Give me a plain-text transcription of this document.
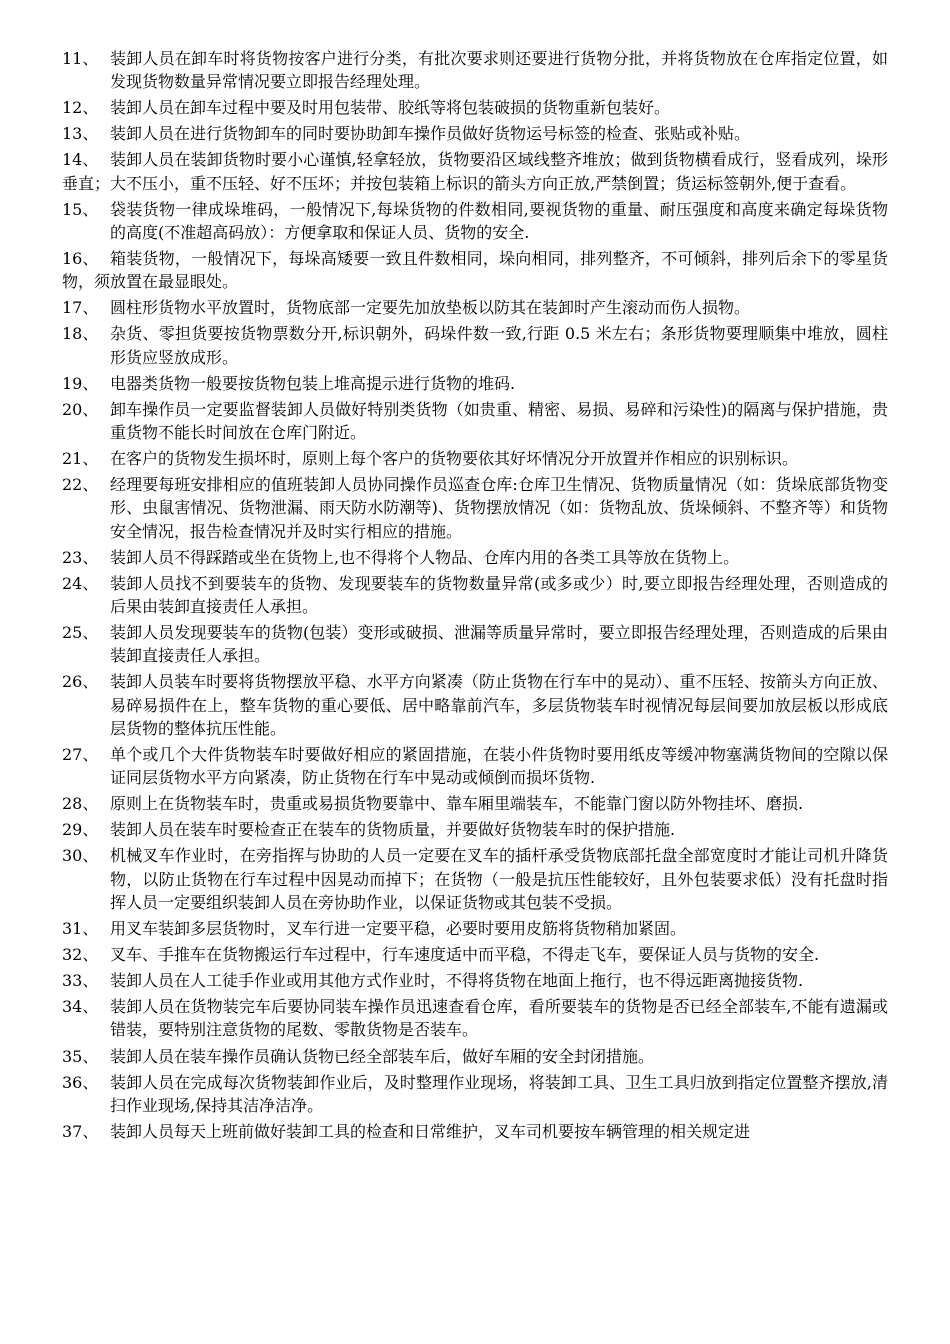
11、 装卸人员在卸车时将货物按客户进行分类，有批次要求则还要进行货物分批，并将货物放在仓库指定位置，如发现货物数量异常情况要立即报告经理处理。
12、 装卸人员在卸车过程中要及时用包装带、胶纸等将包装破损的货物重新包装好。
13、 装卸人员在进行货物卸车的同时要协助卸车操作员做好货物运号标签的检查、张贴或补贴。
14、 装卸人员在装卸货物时要小心谨慎,轻拿轻放，货物要沿区域线整齐堆放；做到货物横看成行，竖看成列，垛形垂直；大不压小，重不压轻、好不压坏；并按包装箱上标识的箭头方向正放,严禁倒置；货运标签朝外,便于查看。
15、 袋装货物一律成垛堆码，一般情况下,每垛货物的件数相同,要视货物的重量、耐压强度和高度来确定每垛货物的高度(不准超高码放）：方便拿取和保证人员、货物的安全.
16、 箱装货物，一般情况下，每垛高矮要一致且件数相同，垛向相同，排列整齐，不可倾斜，排列后余下的零星货物，须放置在最显眼处。
17、 圆柱形货物水平放置时，货物底部一定要先加放垫板以防其在装卸时产生滚动而伤人损物。
18、 杂货、零担货要按货物票数分开,标识朝外，码垛件数一致,行距 0.5 米左右；条形货物要理顺集中堆放，圆柱形货应竖放成形。
19、 电器类货物一般要按货物包装上堆高提示进行货物的堆码.
20、 卸车操作员一定要监督装卸人员做好特别类货物（如贵重、精密、易损、易碎和污染性)的隔离与保护措施，贵重货物不能长时间放在仓库门附近。
21、 在客户的货物发生损坏时，原则上每个客户的货物要依其好坏情况分开放置并作相应的识别标识。
22、 经理要每班安排相应的值班装卸人员协同操作员巡查仓库:仓库卫生情况、货物质量情况（如：货垛底部货物变形、虫鼠害情况、货物泄漏、雨天防水防潮等)、货物摆放情况（如：货物乱放、货垛倾斜、不整齐等）和货物安全情况，报告检查情况并及时实行相应的措施。
23、 装卸人员不得踩踏或坐在货物上,也不得将个人物品、仓库内用的各类工具等放在货物上。
24、 装卸人员找不到要装车的货物、发现要装车的货物数量异常(或多或少）时,要立即报告经理处理，否则造成的后果由装卸直接责任人承担。
25、 装卸人员发现要装车的货物(包装）变形或破损、泄漏等质量异常时，要立即报告经理处理，否则造成的后果由装卸直接责任人承担。
26、 装卸人员装车时要将货物摆放平稳、水平方向紧凑（防止货物在行车中的晃动）、重不压轻、按箭头方向正放、易碎易损件在上，整车货物的重心要低、居中略靠前汽车，多层货物装车时视情况每层间要加放层板以形成底层货物的整体抗压性能。
27、 单个或几个大件货物装车时要做好相应的紧固措施，在装小件货物时要用纸皮等缓冲物塞满货物间的空隙以保证同层货物水平方向紧凑，防止货物在行车中晃动或倾倒而损坏货物.
28、 原则上在货物装车时，贵重或易损货物要靠中、靠车厢里端装车，不能靠门窗以防外物挂坏、磨损.
29、 装卸人员在装车时要检查正在装车的货物质量，并要做好货物装车时的保护措施.
30、 机械叉车作业时，在旁指挥与协助的人员一定要在叉车的插杆承受货物底部托盘全部宽度时才能让司机升降货物，以防止货物在行车过程中因晃动而掉下；在货物（一般是抗压性能较好，且外包装要求低）没有托盘时指挥人员一定要组织装卸人员在旁协助作业，以保证货物或其包装不受损。
31、 用叉车装卸多层货物时，叉车行进一定要平稳，必要时要用皮筋将货物稍加紧固。
32、 叉车、手推车在货物搬运行车过程中，行车速度适中而平稳，不得走飞车，要保证人员与货物的安全.
33、 装卸人员在人工徒手作业或用其他方式作业时，不得将货物在地面上拖行，也不得远距离抛接货物.
34、 装卸人员在货物装完车后要协同装车操作员迅速查看仓库，看所要装车的货物是否已经全部装车,不能有遗漏或错装，要特别注意货物的尾数、零散货物是否装车。
35、 装卸人员在装车操作员确认货物已经全部装车后，做好车厢的安全封闭措施。
36、 装卸人员在完成每次货物装卸作业后，及时整理作业现场，将装卸工具、卫生工具归放到指定位置整齐摆放,清扫作业现场,保持其洁净洁净。
37、 装卸人员每天上班前做好装卸工具的检查和日常维护，叉车司机要按车辆管理的相关规定进
